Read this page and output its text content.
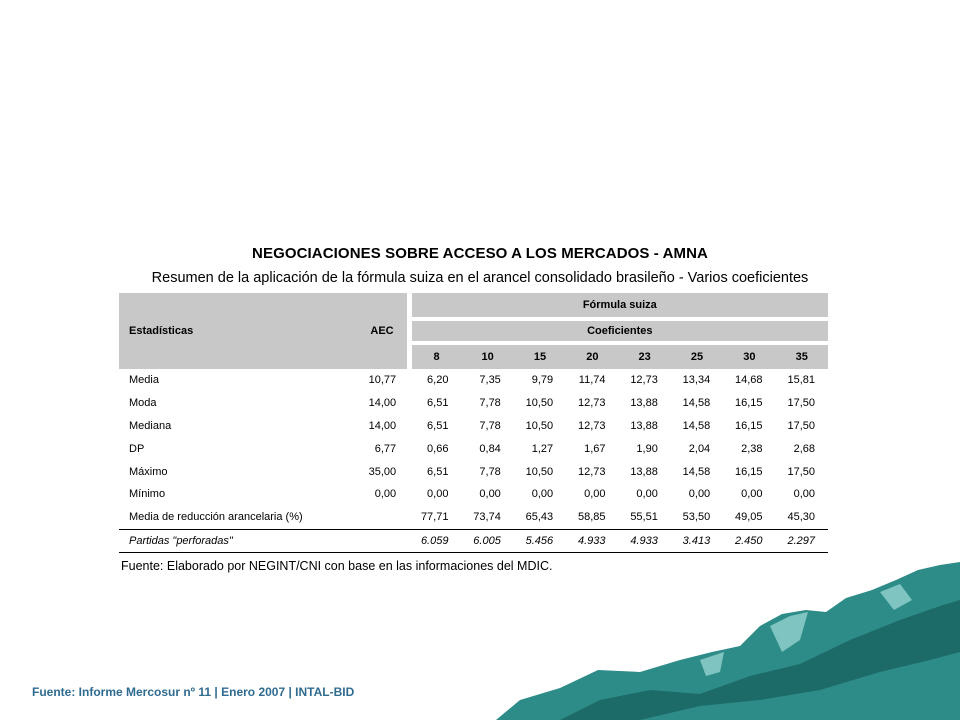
NEGOCIACIONES SOBRE ACCESO A LOS MERCADOS - AMNA
Resumen de la aplicación de la fórmula suiza en el arancel consolidado brasileño - Varios coeficientes
Estadísticas	AEC	Fórmula suiza							
		Coeficientes							
		8	10	15	20	23	25	30	35
Media	10,77	6,20	7,35	9,79	11,74	12,73	13,34	14,68	15,81
Moda	14,00	6,51	7,78	10,50	12,73	13,88	14,58	16,15	17,50
Mediana	14,00	6,51	7,78	10,50	12,73	13,88	14,58	16,15	17,50
DP	6,77	0,66	0,84	1,27	1,67	1,90	2,04	2,38	2,68
Máximo	35,00	6,51	7,78	10,50	12,73	13,88	14,58	16,15	17,50
Mínimo	0,00	0,00	0,00	0,00	0,00	0,00	0,00	0,00	0,00
Media de reducción arancelaria (%)		77,71	73,74	65,43	58,85	55,51	53,50	49,05	45,30
Partidas "perforadas"		6.059	6.005	5.456	4.933	4.933	3.413	2.450	2.297
Fuente: Elaborado por NEGINT/CNI con base en las informaciones del MDIC.
Fuente: Informe Mercosur nº 11 | Enero 2007 | INTAL-BID
